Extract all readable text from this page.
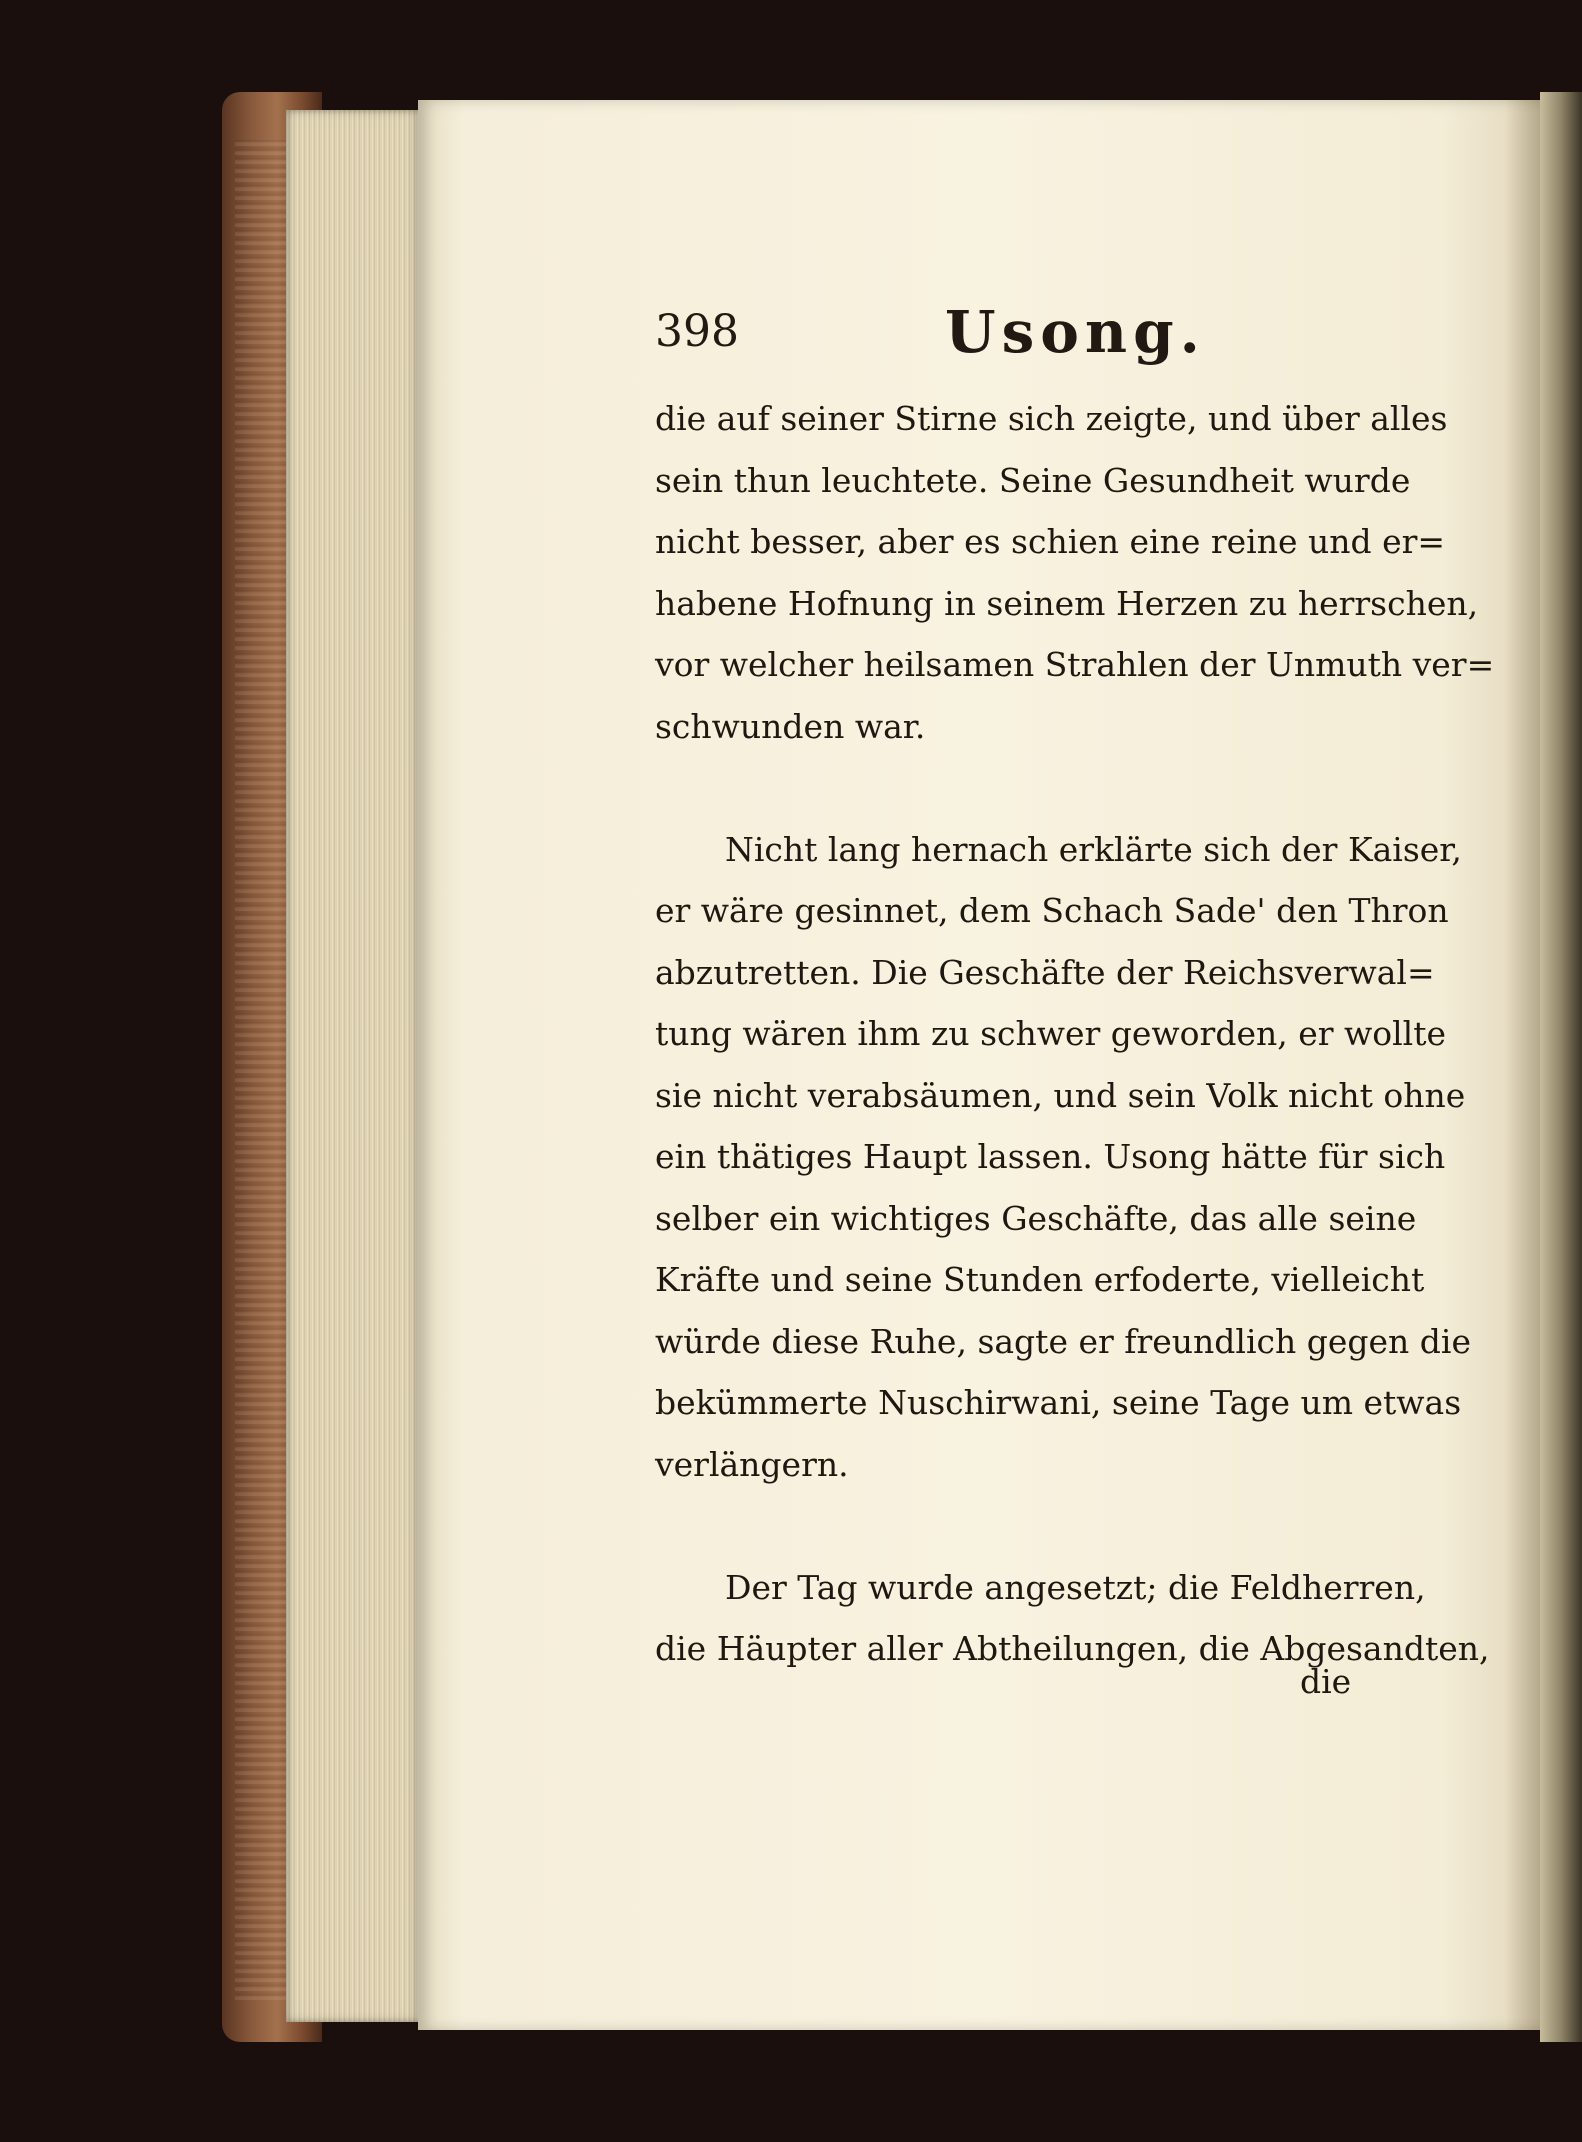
398	Usong.
die auf seiner Stirne sich zeigte, und über alles
sein thun leuchtete. Seine Gesundheit wurde
nicht besser, aber es schien eine reine und er=
habene Hofnung in seinem Herzen zu herrschen,
vor welcher heilsamen Strahlen der Unmuth ver=
schwunden war.
Nicht lang hernach erklärte sich der Kaiser,
er wäre gesinnet, dem Schach Sade' den Thron
abzutretten. Die Geschäfte der Reichsverwal=
tung wären ihm zu schwer geworden, er wollte
sie nicht verabsäumen, und sein Volk nicht ohne
ein thätiges Haupt lassen. Usong hätte für sich
selber ein wichtiges Geschäfte, das alle seine
Kräfte und seine Stunden erfoderte, vielleicht
würde diese Ruhe, sagte er freundlich gegen die
bekümmerte Nuschirwani, seine Tage um etwas
verlängern.
Der Tag wurde angesetzt; die Feldherren,
die Häupter aller Abtheilungen, die Abgesandten,
die
